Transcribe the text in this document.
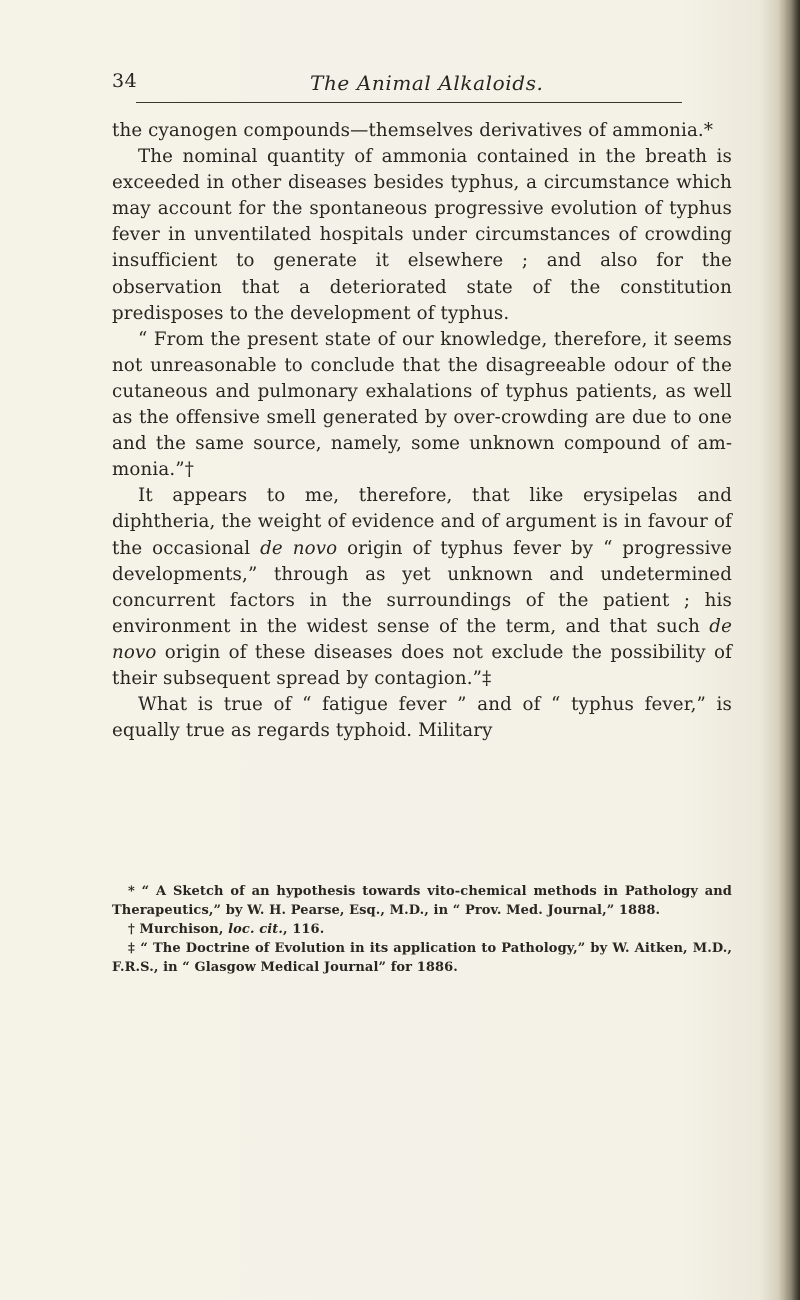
34	The Animal Alkaloids.

the cyanogen compounds—themselves derivatives of ammonia.*

The nominal quantity of ammonia contained in the breath is exceeded in other diseases besides typhus, a circumstance which may account for the spontaneous progressive evolution of typhus fever in unventilated hospitals under circumstances of crowding insufficient to generate it elsewhere ; and also for the observation that a deteriorated state of the constitution predisposes to the development of typhus.

“ From the present state of our knowledge, therefore, it seems not unreasonable to conclude that the disagreeable odour of the cutaneous and pulmonary exhalations of typhus patients, as well as the offensive smell generated by over-crowding are due to one and the same source, namely, some unknown compound of ammonia.”†

It appears to me, therefore, that like erysipelas and diphtheria, the weight of evidence and of argument is in favour of the occasional de novo origin of typhus fever by “ progressive developments,” through as yet unknown and undetermined concurrent factors in the surroundings of the patient ; his environment in the widest sense of the term, and that such de novo origin of these diseases does not exclude the possibility of their subsequent spread by contagion.”‡

What is true of “ fatigue fever ” and of “ typhus fever,” is equally true as regards typhoid. Military

* “ A Sketch of an hypothesis towards vito-chemical methods in Pathology and Therapeutics,” by W. H. Pearse, Esq., M.D., in “ Prov. Med. Journal,” 1888.

† Murchison, loc. cit., 116.

‡ “ The Doctrine of Evolution in its application to Pathology,” by W. Aitken, M.D., F.R.S., in “ Glasgow Medical Journal” for 1886.
